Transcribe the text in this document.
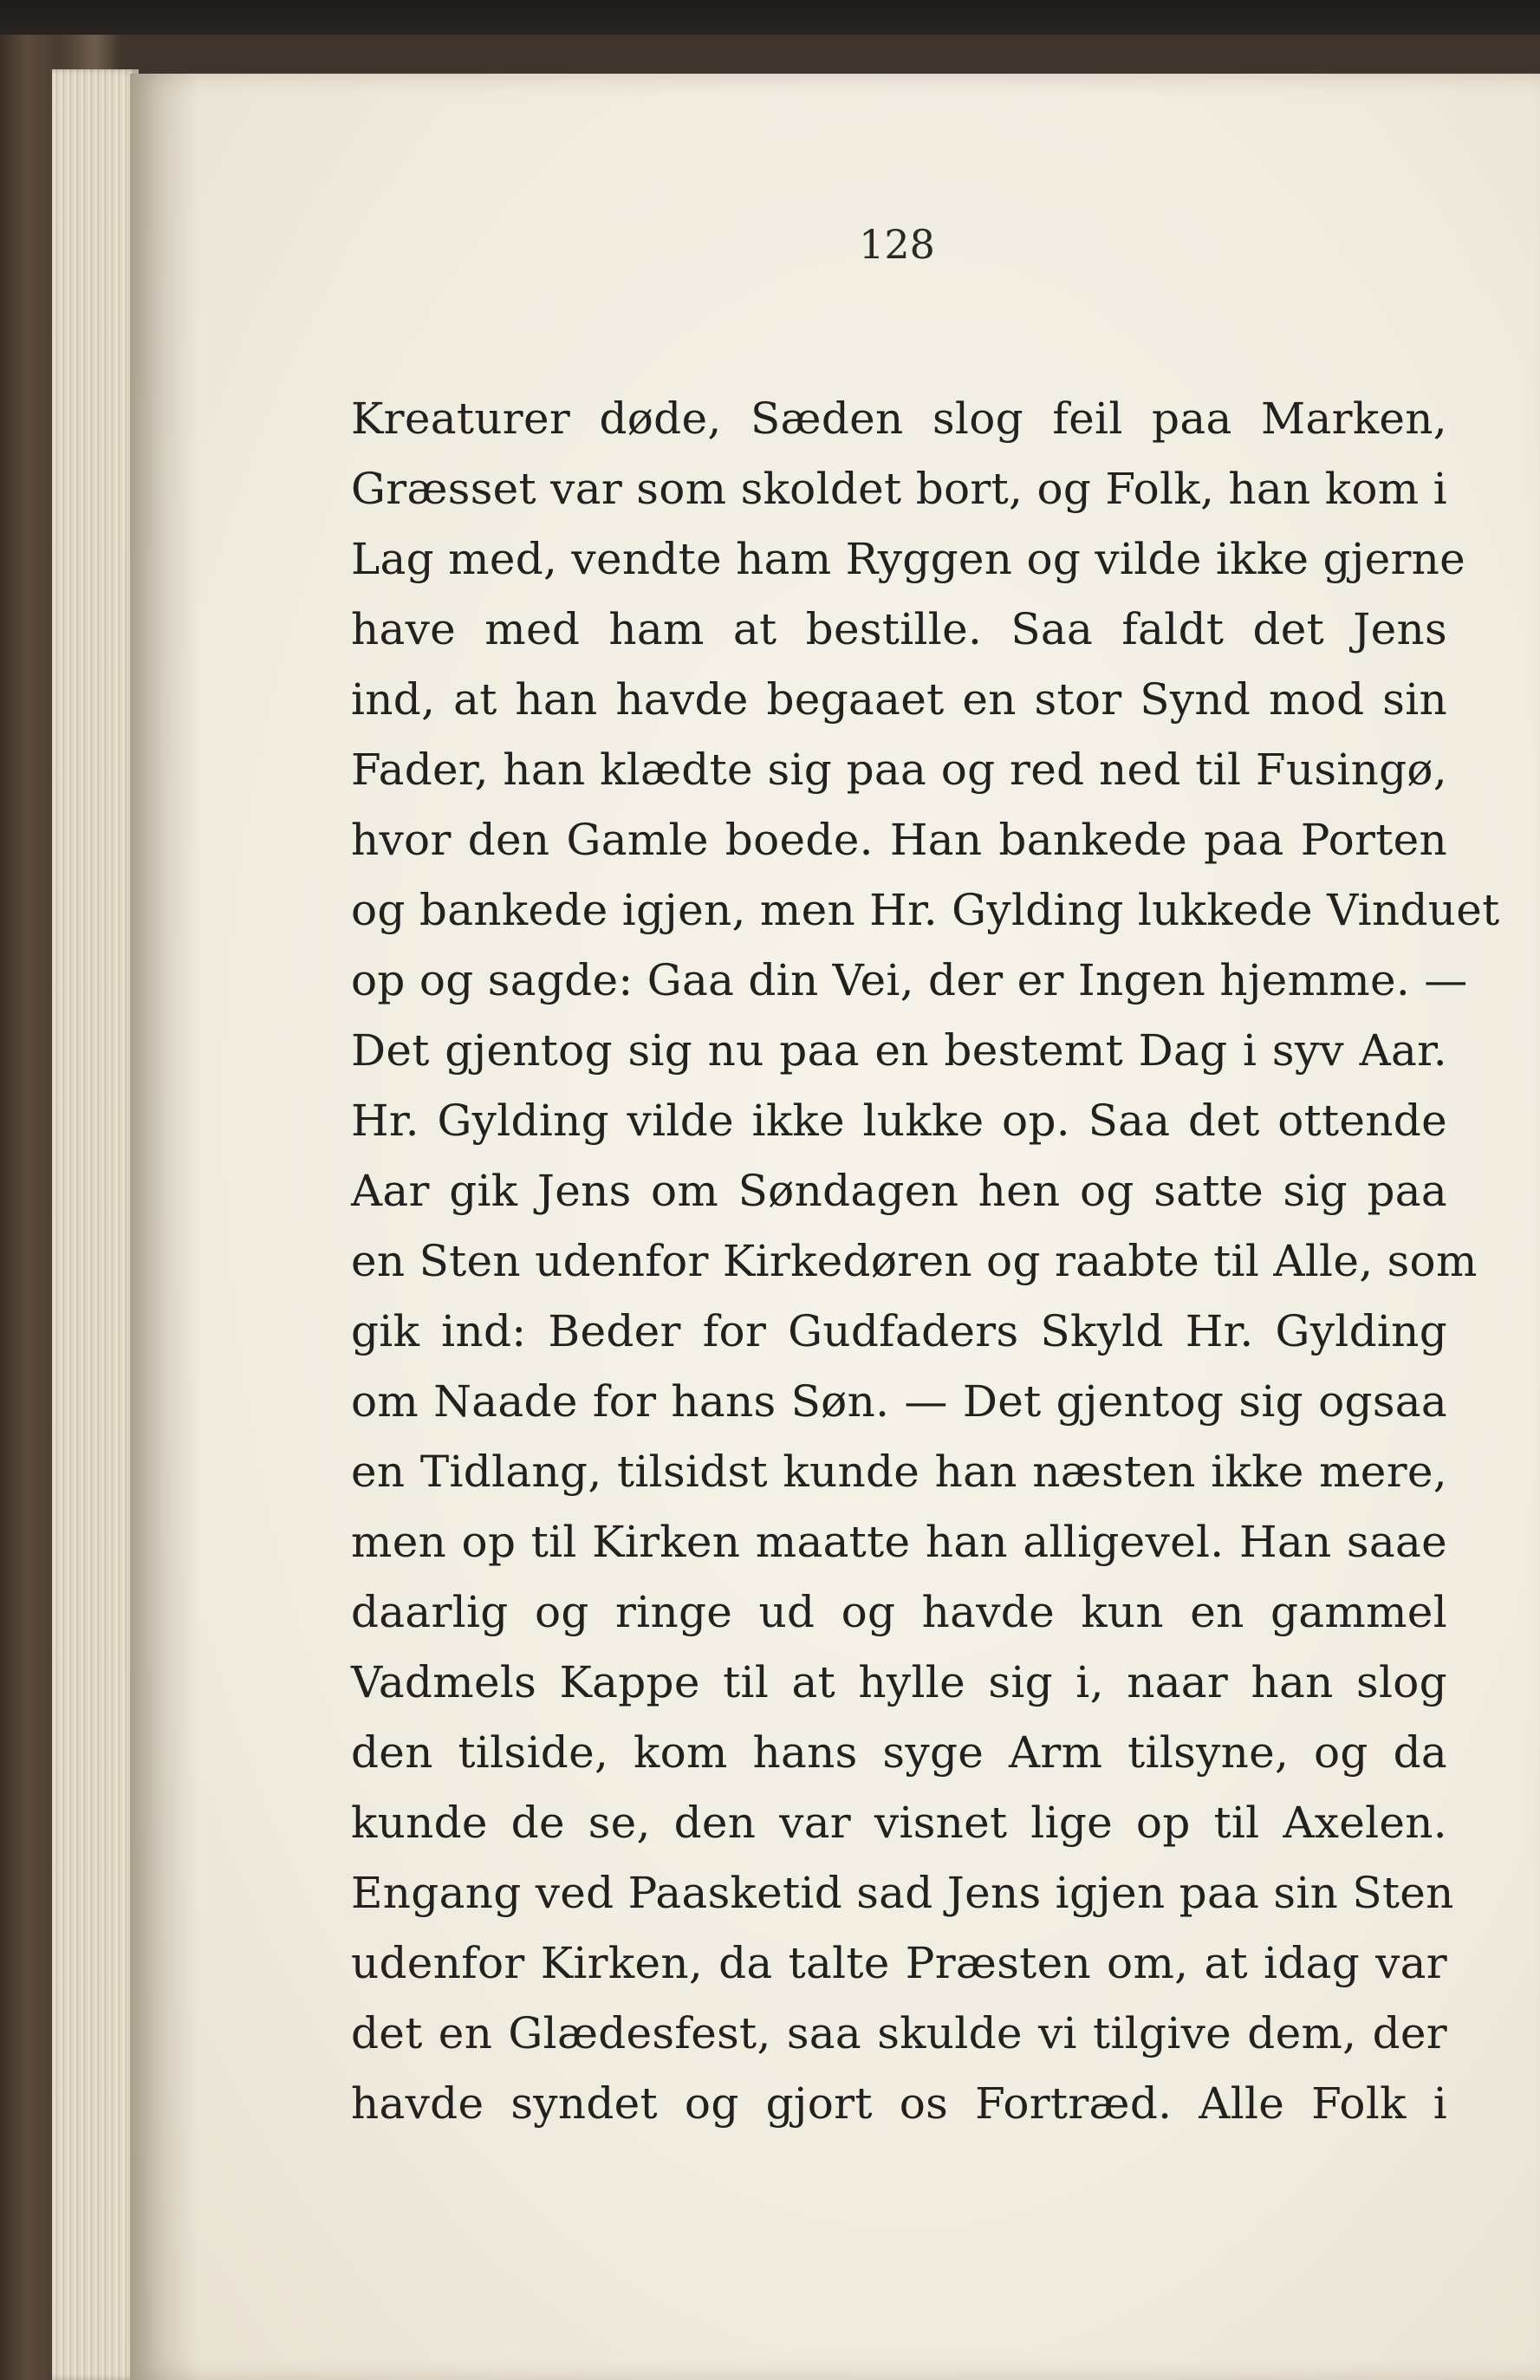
128
Kreaturer døde, Sæden slog feil paa Marken,
Græsset var som skoldet bort, og Folk, han kom i
Lag med, vendte ham Ryggen og vilde ikke gjerne
have med ham at bestille. Saa faldt det Jens
ind, at han havde begaaet en stor Synd mod sin
Fader, han klædte sig paa og red ned til Fusingø,
hvor den Gamle boede. Han bankede paa Porten
og bankede igjen, men Hr. Gylding lukkede Vinduet
op og sagde: Gaa din Vei, der er Ingen hjemme. —
Det gjentog sig nu paa en bestemt Dag i syv Aar.
Hr. Gylding vilde ikke lukke op. Saa det ottende
Aar gik Jens om Søndagen hen og satte sig paa
en Sten udenfor Kirkedøren og raabte til Alle, som
gik ind: Beder for Gudfaders Skyld Hr. Gylding
om Naade for hans Søn. — Det gjentog sig ogsaa
en Tidlang, tilsidst kunde han næsten ikke mere,
men op til Kirken maatte han alligevel. Han saae
daarlig og ringe ud og havde kun en gammel
Vadmels Kappe til at hylle sig i, naar han slog
den tilside, kom hans syge Arm tilsyne, og da
kunde de se, den var visnet lige op til Axelen.
Engang ved Paasketid sad Jens igjen paa sin Sten
udenfor Kirken, da talte Præsten om, at idag var
det en Glædesfest, saa skulde vi tilgive dem, der
havde syndet og gjort os Fortræd. Alle Folk i
